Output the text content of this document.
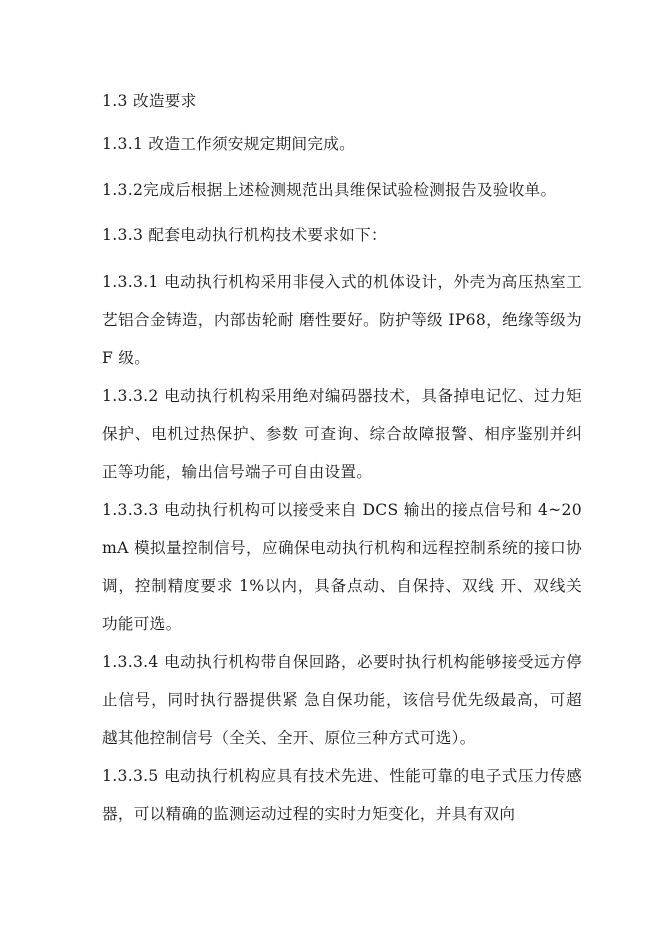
1.3 改造要求

1.3.1 改造工作须安规定期间完成。

1.3.2完成后根据上述检测规范出具维保试验检测报告及验收单。

1.3.3 配套电动执行机构技术要求如下：

1.3.3.1 电动执行机构采用非侵入式的机体设计，外壳为高压热室工艺铝合金铸造，内部齿轮耐 磨性要好。防护等级 IP68，绝缘等级为 F 级。

1.3.3.2 电动执行机构采用绝对编码器技术，具备掉电记忆、过力矩保护、电机过热保护、参数 可查询、综合故障报警、相序鉴别并纠正等功能，输出信号端子可自由设置。

1.3.3.3 电动执行机构可以接受来自 DCS 输出的接点信号和 4~20mA 模拟量控制信号，应确保电动执行机构和远程控制系统的接口协调，控制精度要求 1%以内，具备点动、自保持、双线 开、双线关功能可选。

1.3.3.4 电动执行机构带自保回路，必要时执行机构能够接受远方停止信号，同时执行器提供紧 急自保功能，该信号优先级最高，可超越其他控制信号（全关、全开、原位三种方式可选）。

1.3.3.5 电动执行机构应具有技术先进、性能可靠的电子式压力传感器，可以精确的监测运动过程的实时力矩变化，并具有双向
